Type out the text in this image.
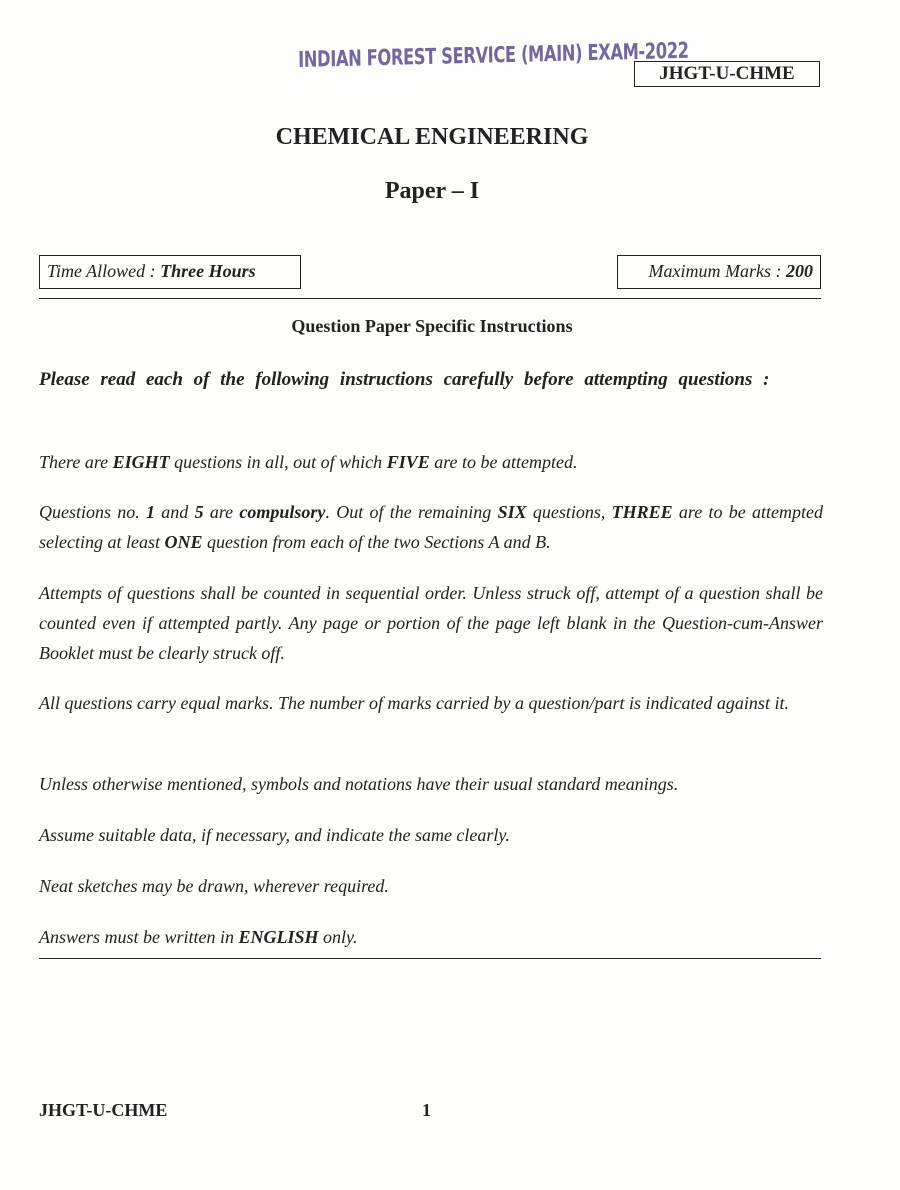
INDIAN FOREST SERVICE (MAIN) EXAM-2022
JHGT-U-CHME
CHEMICAL ENGINEERING
Paper – I
Time Allowed : Three Hours	Maximum Marks : 200
Question Paper Specific Instructions
Please read each of the following instructions carefully before attempting questions :
There are EIGHT questions in all, out of which FIVE are to be attempted.
Questions no. 1 and 5 are compulsory. Out of the remaining SIX questions, THREE are to be attempted selecting at least ONE question from each of the two Sections A and B.
Attempts of questions shall be counted in sequential order. Unless struck off, attempt of a question shall be counted even if attempted partly. Any page or portion of the page left blank in the Question-cum-Answer Booklet must be clearly struck off.
All questions carry equal marks. The number of marks carried by a question/part is indicated against it.
Unless otherwise mentioned, symbols and notations have their usual standard meanings.
Assume suitable data, if necessary, and indicate the same clearly.
Neat sketches may be drawn, wherever required.
Answers must be written in ENGLISH only.
JHGT-U-CHME	1
